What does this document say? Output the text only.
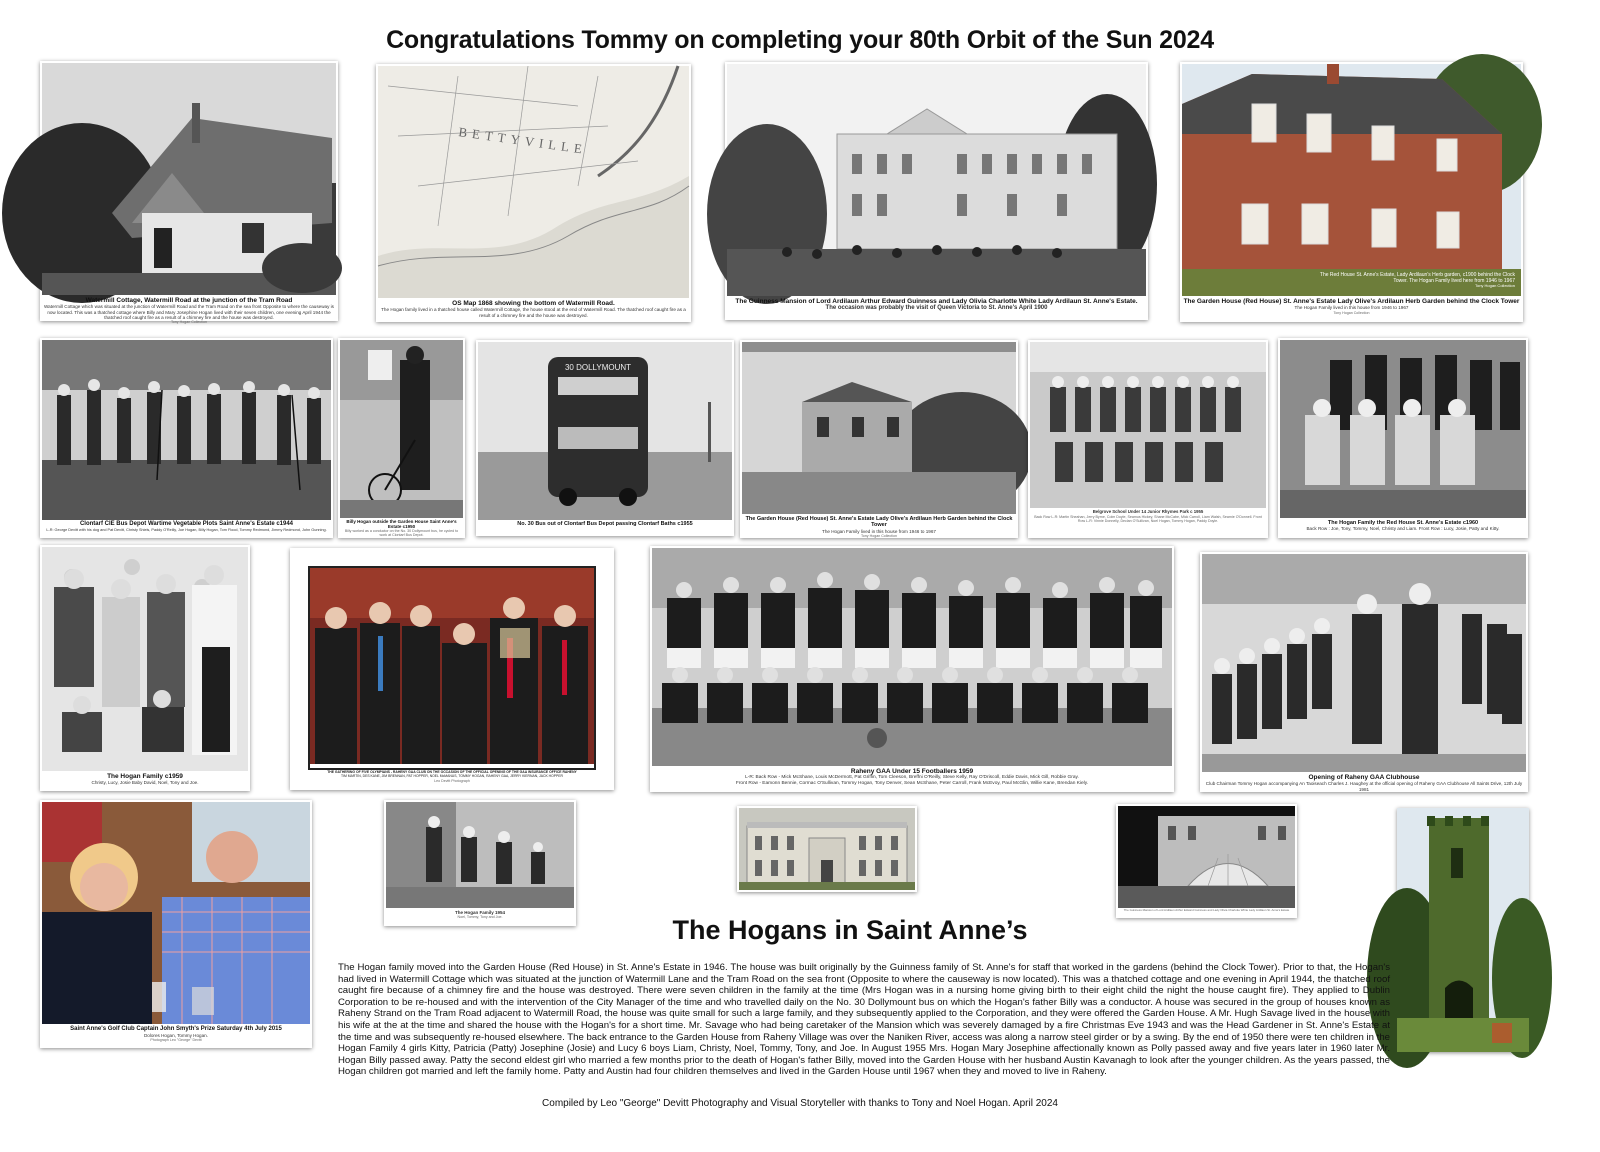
Congratulations Tommy on completing your 80th Orbit of the Sun 2024
Watermill Cottage, Watermill Road at the junction of the Tram Road
Watermill Cottage which was situated at the junction of Watermill Road and the Tram Road on the sea front Opposite to where the causeway is now located. This was a thatched cottage where Billy and Mary Josephine Hogan lived with their seven children, one evening April 1944 the thatched roof caught fire as a result of a chimney fire and the house was destroyed.
Tony Hogan Collection
BETTYVILLE
OS Map 1868 showing the bottom of Watermill Road.
The Hogan family lived in a thatched house called Watermill Cottage, the house stood at the end of Watermill Road. The thatched roof caught fire as a result of a chimney fire and the house was destroyed.
The Guinness Mansion of Lord Ardilaun Arthur Edward Guinness and Lady Olivia Charlotte White Lady Ardilaun St. Anne's Estate.
The occasion was probably the visit of Queen Victoria to St. Anne's April 1900
The Red House St. Anne's Estate, Lady Ardilaun's Herb garden, c1900 behind the Clock Tower. The Hogan Family lived here from 1946 to 1967
Tony Hogan Collection
The Garden House (Red House) St. Anne's Estate Lady Olive's Ardilaun Herb Garden behind the Clock Tower
The Hogan Family lived in this house from 1946 to 1967
Tony Hogan Collection
Clontarf CIE Bus Depot Wartime Vegetable Plots Saint Anne's Estate c1944
L-R: George Devitt with his dog and Pat Devitt, Christy Shiels, Paddy O'Reilly, Joe Hogan, Billy Hogan, Tom Flood, Tommy Redmond, Jimmy Redmond, John Gunning.
Billy Hogan outside the Garden House Saint Anne's Estate c1950
Billy worked as a conductor on the No. 30 Dollymount bus, he cycled to work at Clontarf Bus Depot.
30 DOLLYMOUNT
No. 30 Bus out of Clontarf Bus Depot passing Clontarf Baths c1955
The Garden House (Red House) St. Anne's Estate Lady Olive's Ardilaun Herb Garden behind the Clock Tower
The Hogan Family lived in this house from 1946 to 1967
Tony Hogan Collection
Belgrove School Under 14 Junior Rhymes Park c 1955
Back Row L-R: Martin Sheahan, Jerry Byrne, Colm Doyle, Seamus Hickey, Shane McCabe, Mick Carroll, Liam Walsh, Seamie O'Donnell. Front Row L-R: Vinnie Donnelly, Declan O'Sullivan, Noel Hogan, Tommy Hogan, Paddy Doyle.	The Hogan Family the Red House St. Anne's Estate c1960
Back Row : Joe, Tony, Tommy, Noel, Christy and Liam. Front Row : Lucy, Josie, Patty and Kitty.
The Hogan Family c1959
Christy, Lucy, Josie Baby David, Noel, Tony and Joe.
THE GATHERING OF FIVE OLYMPIANS - RAHENY GAA CLUB ON THE OCCASION OF THE OFFICIAL OPENING OF THE GAA INSURANCE OFFICE RAHENY
TIM MARTIN, DES KANE, JIM BRENNAN, PAT HOPPER, NOEL McMANUS, TOMMY HOGAN, RAHENY GAA, JERRY KIERNAN, JACK HOPPER
Leo Devitt Photograph
Raheny GAA Under 15 Footballers 1959
L-R: Back Row - Mick McShane, Louis McDermott, Pat Griffin, Tom Cleeson, Breffni O'Reilly, Steve Kelly, Ray O'Driscoll, Eddie Davis, Mick Gill, Robbie Gray.
Front Row - Eamonn Bennie, Cormac O'Sullivan, Tommy Hogan, Tony Denver, Sean McShane, Peter Carroll, Frank McEvoy, Paul McGlin, Willie Kane, Brendan Kiely.
Opening of Raheny GAA Clubhouse
Club Chairman Tommy Hogan accompanying An Taoiseach Charles J. Haughey at the official opening of Raheny GAA Clubhouse All Saints Drive, 12th July 1981
Saint Anne's Golf Club Captain John Smyth's Prize Saturday 4th July 2015
Dolores Hogan, Tommy Hogan.
Photograph Leo "George" Devitt
The Hogan Family 1954
Noel, Tommy, Tony and Joe.
The Guinness Mansion of Lord Ardilaun Arthur Edward Guinness and Lady Olivia Charlotte White Lady Ardilaun St. Anne's Estate
The Hogans in Saint Anne’s
The Hogan family moved into the Garden House (Red House) in St. Anne's Estate in 1946. The house was built originally by the Guinness family of St. Anne's for staff that worked in the gardens (behind the Clock Tower). Prior to that, the Hogan's had lived in Watermill Cottage which was situated at the junction of Watermill Lane and the Tram Road on the sea front (Opposite to where the causeway is now located). This was a thatched cottage and one evening in April 1944, the thatched roof caught fire because of a chimney fire and the house was destroyed. There were seven children in the family at the time (Mrs Hogan was in a nursing home giving birth to their eight child the night the house caught fire). They applied to Dublin Corporation to be re-housed and with the intervention of the City Manager of the time and who travelled daily on the No. 30 Dollymount bus on which the Hogan's father Billy was a conductor. A house was secured in the group of houses known as Raheny Strand on the Tram Road adjacent to Watermill Road, the house was quite small for such a large family, and they subsequently applied to the Corporation, and they were offered the Garden House. A Mr. Hugh Savage lived in the house with his wife at the at the time and shared the house with the Hogan's for a short time. Mr. Savage who had being caretaker of the Mansion which was severely damaged by a fire Christmas Eve 1943 and was the Head Gardener in St. Anne's Estate at the time and was subsequently re-housed elsewhere. The back entrance to the Garden House from Raheny Village was over the Naniken River, access was along a narrow steel girder or by a swing. By the end of 1950 there were ten children in the Hogan Family 4 girls Kitty, Patricia (Patty) Josephine (Josie) and Lucy 6 boys Liam, Christy, Noel, Tommy, Tony, and Joe. In August 1955 Mrs. Hogan Mary Josephine affectionally known as Polly passed away and five years later in 1960 later Mr. Hogan Billy passed away. Patty the second eldest girl who married a few months prior to the death of Hogan's father Billy, moved into the Garden House with her husband Austin Kavanagh to look after the younger children. As the years passed, the Hogan children got married and left the family home. Patty and Austin had four children themselves and lived in the Garden House until 1967 when they and moved to live in Raheny.
Compiled by Leo "George" Devitt Photography and Visual Storyteller with thanks to Tony and Noel Hogan. April 2024
